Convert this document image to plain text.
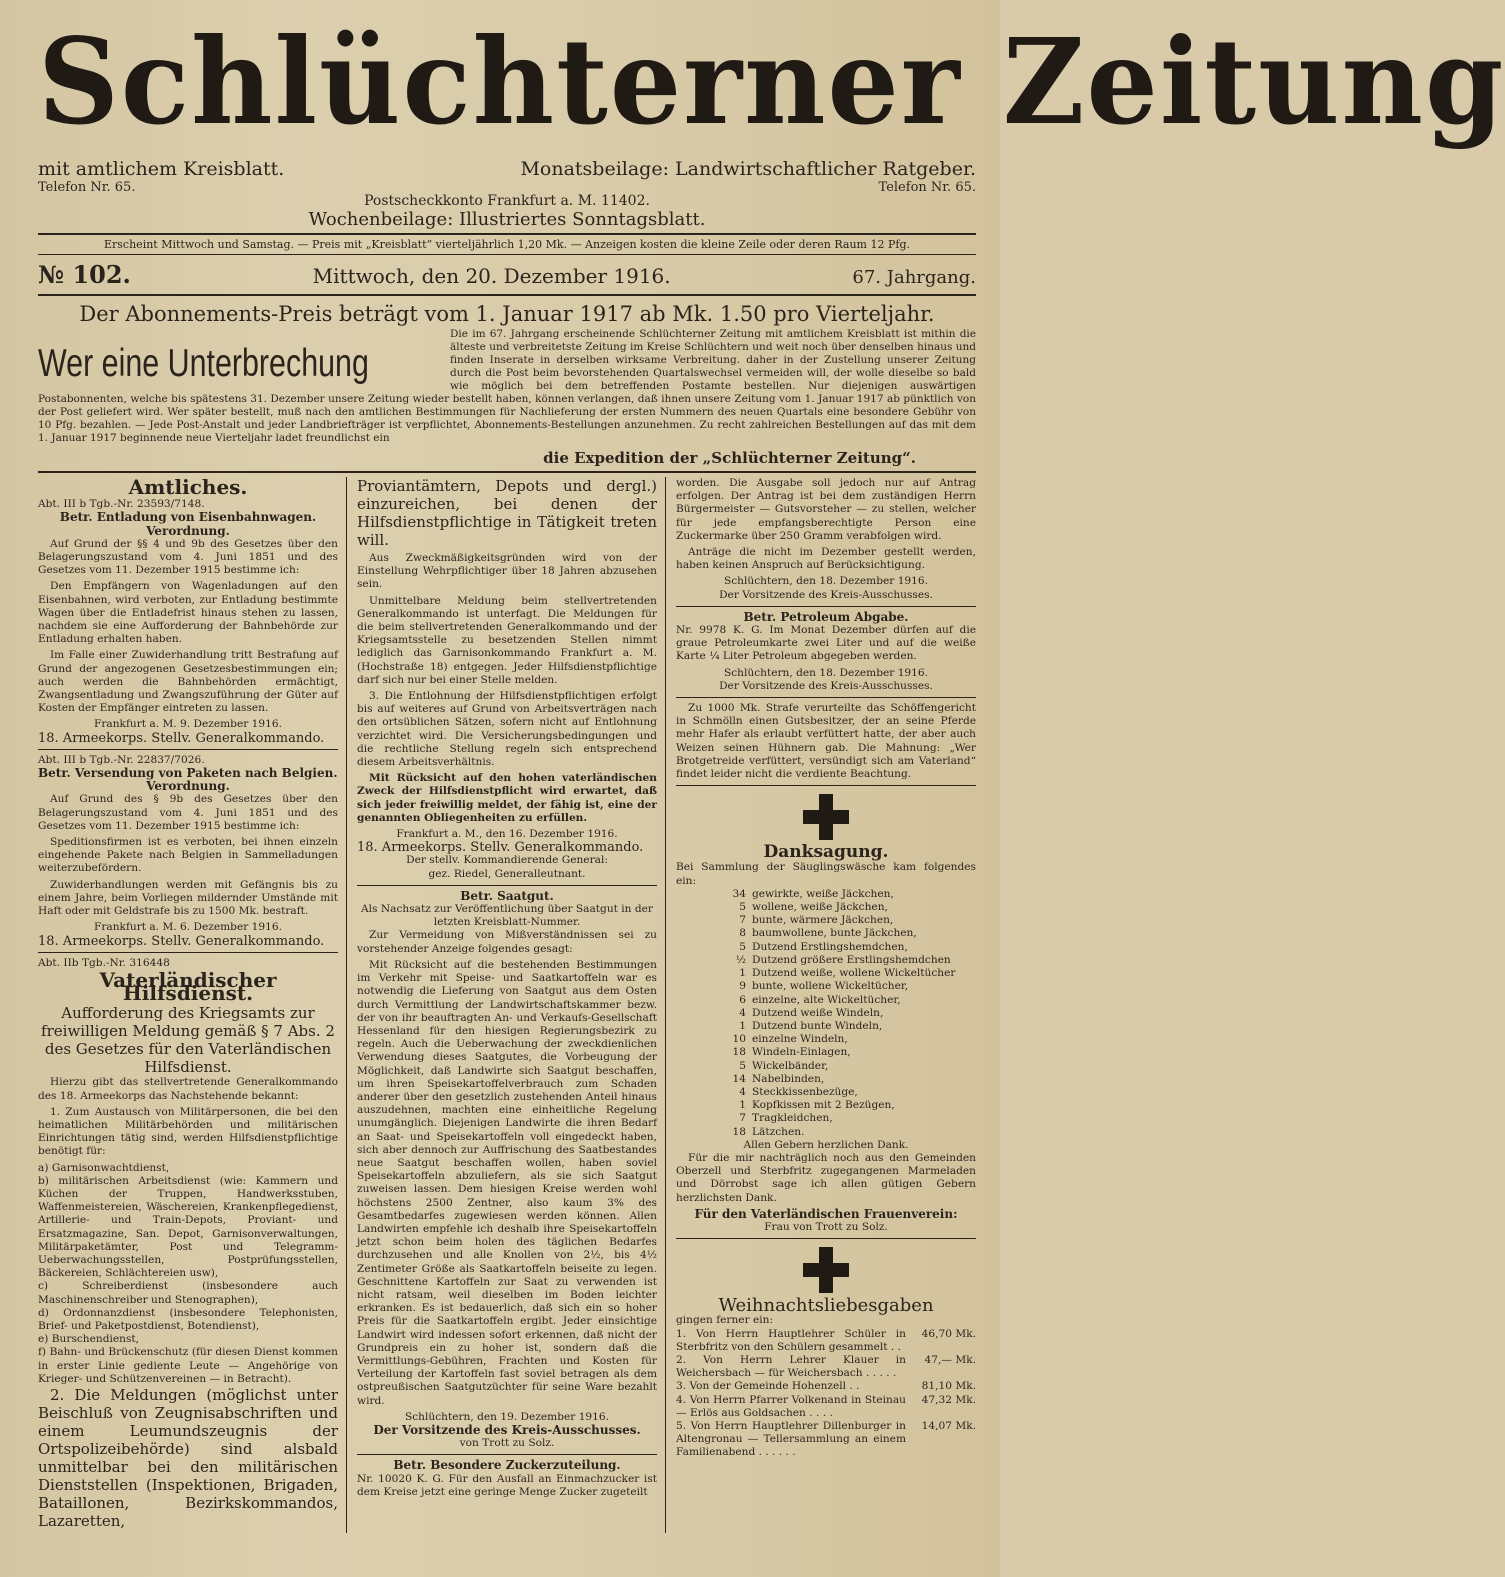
Schlüchterner Zeitung
mit amtlichem Kreisblatt.
Telefon Nr. 65.
Monatsbeilage: Landwirtschaftlicher Ratgeber.
Telefon Nr. 65.
Postscheckkonto Frankfurt a. M. 11402.
Wochenbeilage: Illustriertes Sonntagsblatt.
Erscheint Mittwoch und Samstag. — Preis mit „Kreisblatt“ vierteljährlich 1,20 Mk. — Anzeigen kosten die kleine Zeile oder deren Raum 12 Pfg.
№ 102.	Mittwoch, den 20. Dezember 1916.	67. Jahrgang.
Der Abonnements-Preis beträgt vom 1. Januar 1917 ab Mk. 1.50 pro Vierteljahr.
Wer eine Unterbrechung
Die im 67. Jahrgang erscheinende Schlüchterner Zeitung mit amtlichem Kreisblatt ist mithin die älteste und verbreitetste Zeitung im Kreise Schlüchtern und weit noch über denselben hinaus und finden Inserate in derselben wirksame Verbreitung. daher in der Zustellung unserer Zeitung durch die Post beim bevorstehenden Quartalswechsel vermeiden will, der wolle dieselbe so bald wie möglich bei dem betreffenden Postamte bestellen. Nur diejenigen auswärtigen Postabonnenten, welche bis spätestens 31. Dezember unsere Zeitung wieder bestellt haben, können verlangen, daß ihnen unsere Zeitung vom 1. Januar 1917 ab pünktlich von der Post geliefert wird. Wer später bestellt, muß nach den amtlichen Bestimmungen für Nachlieferung der ersten Nummern des neuen Quartals eine besondere Gebühr von 10 Pfg. bezahlen. — Jede Post-Anstalt und jeder Landbriefträger ist verpflichtet, Abonnements-Bestellungen anzunehmen. Zu recht zahlreichen Bestellungen auf das mit dem 1. Januar 1917 beginnende neue Vierteljahr ladet freundlichst ein
die Expedition der „Schlüchterner Zeitung“.
Amtliches.
Abt. III b Tgb.-Nr. 23593/7148.
Betr. Entladung von Eisenbahnwagen.
Verordnung.

Auf Grund der §§ 4 und 9b des Gesetzes über den Belagerungszustand vom 4. Juni 1851 und des Gesetzes vom 11. Dezember 1915 bestimme ich:

Den Empfängern von Wagenladungen auf den Eisenbahnen, wird verboten, zur Entladung bestimmte Wagen über die Entladefrist hinaus stehen zu lassen, nachdem sie eine Aufforderung der Bahnbehörde zur Entladung erhalten haben.

Im Falle einer Zuwiderhandlung tritt Bestrafung auf Grund der angezogenen Gesetzesbestimmungen ein; auch werden die Bahnbehörden ermächtigt, Zwangsentladung und Zwangszuführung der Güter auf Kosten der Empfänger eintreten zu lassen.

Frankfurt a. M. 9. Dezember 1916.
18. Armeekorps. Stellv. Generalkommando.
Abt. III b Tgb.-Nr. 22837/7026.
Betr. Versendung von Paketen nach Belgien.
Verordnung.

Auf Grund des § 9b des Gesetzes über den Belagerungszustand vom 4. Juni 1851 und des Gesetzes vom 11. Dezember 1915 bestimme ich:

Speditionsfirmen ist es verboten, bei ihnen einzeln eingehende Pakete nach Belgien in Sammelladungen weiterzubefördern.

Zuwiderhandlungen werden mit Gefängnis bis zu einem Jahre, beim Vorliegen mildernder Umstände mit Haft oder mit Geldstrafe bis zu 1500 Mk. bestraft.

Frankfurt a. M. 6. Dezember 1916.
18. Armeekorps. Stellv. Generalkommando.
Abt. IIb Tgb.-Nr. 316448
Vaterländischer Hilfsdienst.
Aufforderung des Kriegsamts zur freiwilligen Meldung gemäß § 7 Abs. 2 des Gesetzes für den Vaterländischen Hilfsdienst.

Hierzu gibt das stellvertretende Generalkommando des 18. Armeekorps das Nachstehende bekannt:

1. Zum Austausch von Militärpersonen, die bei den heimatlichen Militärbehörden und militärischen Einrichtungen tätig sind, werden Hilfsdienstpflichtige benötigt für:

a) Garnisonwachtdienst,
b) militärischen Arbeitsdienst (wie: Kammern und Küchen der Truppen, Handwerksstuben, Waffenmeistereien, Wäschereien, Krankenpflegedienst, Artillerie- und Train-Depots, Proviant- und Ersatzmagazine, San. Depot, Garnisonverwaltungen, Militärpaketämter, Post und Telegramm-Ueberwachungsstellen, Postprüfungsstellen, Bäckereien, Schlächtereien usw),
c) Schreiberdienst (insbesondere auch Maschinenschreiber und Stenographen),
d) Ordonnanzdienst (insbesondere Telephonisten, Brief- und Paketpostdienst, Botendienst),
e) Burschendienst,
f) Bahn- und Brückenschutz (für diesen Dienst kommen in erster Linie gediente Leute — Angehörige von Krieger- und Schützenvereinen — in Betracht).

2. Die Meldungen (möglichst unter Beischluß von Zeugnisabschriften und einem Leumundszeugnis der Ortspolizeibehörde) sind alsbald unmittelbar bei den militärischen Dienststellen (Inspektionen, Brigaden, Bataillonen, Bezirkskommandos, Lazaretten,

Proviantämtern, Depots und dergl.) einzureichen, bei denen der Hilfsdienstpflichtige in Tätigkeit treten will.

Aus Zweckmäßigkeitsgründen wird von der Einstellung Wehrpflichtiger über 18 Jahren abzusehen sein.

Unmittelbare Meldung beim stellvertretenden Generalkommando ist unterfagt. Die Meldungen für die beim stellvertretenden Generalkommando und der Kriegsamtsstelle zu besetzenden Stellen nimmt lediglich das Garnisonkommando Frankfurt a. M. (Hochstraße 18) entgegen. Jeder Hilfsdienstpflichtige darf sich nur bei einer Stelle melden.

3. Die Entlohnung der Hilfsdienstpflichtigen erfolgt bis auf weiteres auf Grund von Arbeitsverträgen nach den ortsüblichen Sätzen, sofern nicht auf Entlohnung verzichtet wird. Die Versicherungsbedingungen und die rechtliche Stellung regeln sich entsprechend diesem Arbeitsverhältnis.

Mit Rücksicht auf den hohen vaterländischen Zweck der Hilfsdienstpflicht wird erwartet, daß sich jeder freiwillig meldet, der fähig ist, eine der genannten Obliegenheiten zu erfüllen.

Frankfurt a. M., den 16. Dezember 1916.
18. Armeekorps. Stellv. Generalkommando.
Der stellv. Kommandierende General:
gez. Riedel, Generalleutnant.
Betr. Saatgut.
Als Nachsatz zur Veröffentlichung über Saatgut in der letzten Kreisblatt-Nummer.

Zur Vermeidung von Mißverständnissen sei zu vorstehender Anzeige folgendes gesagt:

Mit Rücksicht auf die bestehenden Bestimmungen im Verkehr mit Speise- und Saatkartoffeln war es notwendig die Lieferung von Saatgut aus dem Osten durch Vermittlung der Landwirtschaftskammer bezw. der von ihr beauftragten An- und Verkaufs-Gesellschaft Hessenland für den hiesigen Regierungsbezirk zu regeln. Auch die Ueberwachung der zweckdienlichen Verwendung dieses Saatgutes, die Vorbeugung der Möglichkeit, daß Landwirte sich Saatgut beschaffen, um ihren Speisekartoffelverbrauch zum Schaden anderer über den gesetzlich zustehenden Anteil hinaus auszudehnen, machten eine einheitliche Regelung unumgänglich. Diejenigen Landwirte die ihren Bedarf an Saat- und Speisekartoffeln voll eingedeckt haben, sich aber dennoch zur Auffrischung des Saatbestandes neue Saatgut beschaffen wollen, haben soviel Speisekartoffeln abzuliefern, als sie sich Saatgut zuweisen lassen. Dem hiesigen Kreise werden wohl höchstens 2500 Zentner, also kaum 3% des Gesamtbedarfes zugewiesen werden können. Allen Landwirten empfehle ich deshalb ihre Speisekartoffeln jetzt schon beim holen des täglichen Bedarfes durchzusehen und alle Knollen von 2½, bis 4½ Zentimeter Größe als Saatkartoffeln beiseite zu legen. Geschnittene Kartoffeln zur Saat zu verwenden ist nicht ratsam, weil dieselben im Boden leichter erkranken. Es ist bedauerlich, daß sich ein so hoher Preis für die Saatkartoffeln ergibt. Jeder einsichtige Landwirt wird indessen sofort erkennen, daß nicht der Grundpreis ein zu hoher ist, sondern daß die Vermittlungs-Gebühren, Frachten und Kosten für Verteilung der Kartoffeln fast soviel betragen als dem ostpreußischen Saatgutzüchter für seine Ware bezahlt wird.

Schlüchtern, den 19. Dezember 1916.
Der Vorsitzende des Kreis-Ausschusses.
von Trott zu Solz.
Betr. Besondere Zuckerzuteilung.

Nr. 10020 K. G. Für den Ausfall an Einmachzucker ist dem Kreise jetzt eine geringe Menge Zucker zugeteilt

worden. Die Ausgabe soll jedoch nur auf Antrag erfolgen. Der Antrag ist bei dem zuständigen Herrn Bürgermeister — Gutsvorsteher — zu stellen, welcher für jede empfangsberechtigte Person eine Zuckermarke über 250 Gramm verabfolgen wird.

Anträge die nicht im Dezember gestellt werden, haben keinen Anspruch auf Berücksichtigung.

Schlüchtern, den 18. Dezember 1916.
Der Vorsitzende des Kreis-Ausschusses.
Betr. Petroleum Abgabe.

Nr. 9978 K. G. Im Monat Dezember dürfen auf die graue Petroleumkarte zwei Liter und auf die weiße Karte ¼ Liter Petroleum abgegeben werden.

Schlüchtern, den 18. Dezember 1916.
Der Vorsitzende des Kreis-Ausschusses.

Zu 1000 Mk. Strafe verurteilte das Schöffengericht in Schmölln einen Gutsbesitzer, der an seine Pferde mehr Hafer als erlaubt verfüttert hatte, der aber auch Weizen seinen Hühnern gab. Die Mahnung: „Wer Brotgetreide verfüttert, versündigt sich am Vaterland“ findet leider nicht die verdiente Beachtung.

Danksagung.
Bei Sammlung der Säuglingswäsche kam folgendes ein:
34 gewirkte, weiße Jäckchen,
5 wollene, weiße Jäckchen,
7 bunte, wärmere Jäckchen,
8 baumwollene, bunte Jäckchen,
5 Dutzend Erstlingshemdchen,
½ Dutzend größere Erstlingshemdchen
1 Dutzend weiße, wollene Wickeltücher
9 bunte, wollene Wickeltücher,
6 einzelne, alte Wickeltücher,
4 Dutzend weiße Windeln,
1 Dutzend bunte Windeln,
10 einzelne Windeln,
18 Windeln-Einlagen,
5 Wickelbänder,
14 Nabelbinden,
4 Steckkissenbezüge,
1 Kopfkissen mit 2 Bezügen,
7 Tragkleidchen,
18 Lätzchen.
Allen Gebern herzlichen Dank.

Für die mir nachträglich noch aus den Gemeinden Oberzell und Sterbfritz zugegangenen Marmeladen und Dörrobst sage ich allen gütigen Gebern herzlichsten Dank.

Für den Vaterländischen Frauenverein:
Frau von Trott zu Solz.
Weihnachtsliebesgaben
gingen ferner ein:
1. Von Herrn Hauptlehrer Schüler in Sterbfritz von den Schülern gesammelt . .
46,70 Mk.
2. Von Herrn Lehrer Klauer in Weichersbach — für Weichersbach . . . . .
47,— Mk.
3. Von der Gemeinde Hohenzell . .	81,10 Mk.
4. Von Herrn Pfarrer Volkenand in Steinau — Erlös aus Goldsachen . . . .
47,32 Mk.
5. Von Herrn Hauptlehrer Dillenburger in Altengronau — Tellersammlung an einem Familienabend . . . . . .
14,07 Mk.
